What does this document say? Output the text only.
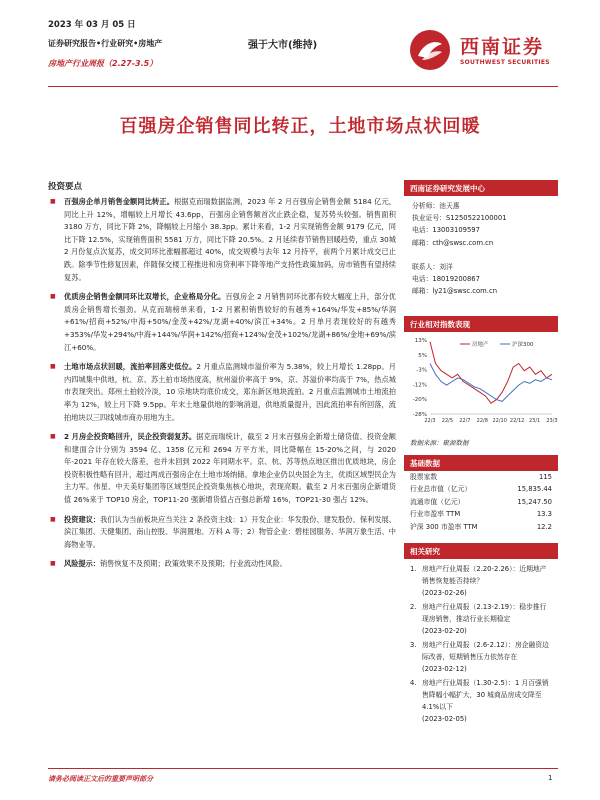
2023 年 03 月 05 日
证券研究报告•行业研究•房地产
房地产行业周报（2.27-3.5）
强于大市(维持)	西南证券
SOUTHWEST SECURITIES
百强房企销售同比转正，土地市场点状回暖
投资要点
■ 百强房企单月销售金额同比转正。根据克而瑞数据监测，2023 年 2 月百强房企销售金额 5184 亿元，同比上升 12%，增幅较上月增长 43.6pp，百强房企销售额首次止跌企稳，复苏势头较强。销售面积 3180 万方，同比下降 2%，降幅较上月缩小 38.3pp。累计来看，1-2 月实现销售金额 9179 亿元，同比下降 12.5%，实现销售面积 5581 万方，同比下降 20.5%。2 月延续春节销售回暖趋势，重点 30城 2 月份复点次复苏，成交同环比涨幅都超过 40%，成交规模与去年 12 月持平，前两个月累计成交已止跌。除季节性修复因素，伴随保交楼工程推进和房贷利率下降等地产支持性政策加码，房市销售有望持续复苏。
■ 优质房企销售金额同环比双增长，企业格局分化。百强房企 2 月销售同环比都有较大幅度上升，部分优质房企销售增长强劲。从克而瑞榜单来看，1-2 月累积销售较好的有越秀+164%/华发+85%/华润+61%/招商+52%/中海+50%/金茂+42%/龙湖+40%/滨江+34%。2 月单月表现较好的有越秀+353%/华发+294%/中海+144%/华润+142%/招商+124%/金茂+102%/龙湖+86%/金地+69%/滨江+60%。
■ 土地市场点状回暖，流拍率回落史低位。2 月重点监测城市溢价率为 5.38%，较上月增长 1.28pp。月内四城集中供地，杭、京、苏土拍市场热度高，杭州溢价率高于 9%，京、苏溢价率均高于 7%，热点城市表现突出。郑州土拍较冷淡，10 宗地块均底价成交，郑东新区地块流拍。2 月重点监测城市土地流拍率为 12%，较上月下降 9.5pp。年末土地量供地的影响消退，供地质量提升，因此流拍率有所回落，流拍地块以三四线城市商办用地为主。
■ 2 月房企投资略回升，民企投资弱复苏。据克而瑞统计，截至 2 月末百强房企新增土储货值、投资金额和建面合计分别为 3594 亿、1358 亿元和 2694 万平方米，同比降幅在 15-20%之间，与 2020 年-2021 年存在较大落差，也并未回到 2022 年同期水平。京、杭、苏等热点地区推出优质地块，房企投资积极性略有回升，超过两成百强房企在土地市场纳储。拿地企业仍以央国企为主，优质区域型民企为主力军。伟星、中天美好集团等区域型民企投资集焦核心地块，表现亮眼。截至 2 月末百强房企新增货值 26%来于 TOP10 房企，TOP11-20 强新增货值占百强总新增 16%，TOP21-30 强占 12%。
■ 投资建议：我们认为当前板块应当关注 2 条投资主线：1）开发企业：华发股份、建发股份、保利发展、滨江集团、天健集团、南山控股、华润置地、万科 A 等；2）物管企业：碧桂园服务、华润万象生活、中海物业等。
■ 风险提示：销售恢复不及预期；政策效果不及预期；行业流动性风险。
西南证券研究发展中心
分析师：池天惠
执业证号：S1250522100001
电话：13003109597
邮箱：cth@swsc.com.cn

联系人：刘洋
电话：18019200867
邮箱：ly21@swsc.com.cn
行业相对指数表现
13%
5%
-3%
-12%
-20%
-28%
22/3 22/5 22/7 22/8 22/10 22/12 23/1 23/3
房地产	沪深300
数据来源：聚源数据
基础数据
股票家数	115
行业总市值（亿元）	15,835.44
流通市值（亿元）	15,247.50
行业市盈率 TTM	13.3
沪深 300 市盈率 TTM	12.2
相关研究
1. 房地产行业周报（2.20-2.26）：近期地产销售恢复能否持续？
(2023-02-26)
2. 房地产行业周报（2.13-2.19）：稳步推行现房销售，推动行业长期稳定
(2023-02-20)
3. 房地产行业周报（2.6-2.12）：房企融资边际改善，短期销售压力依然存在
(2023-02-12)
4. 房地产行业周报（1.30-2.5）：1 月百强销售降幅小幅扩大，30 城商品房成交降至 4.1%以下
(2023-02-05)
请务必阅读正文后的重要声明部分	1
